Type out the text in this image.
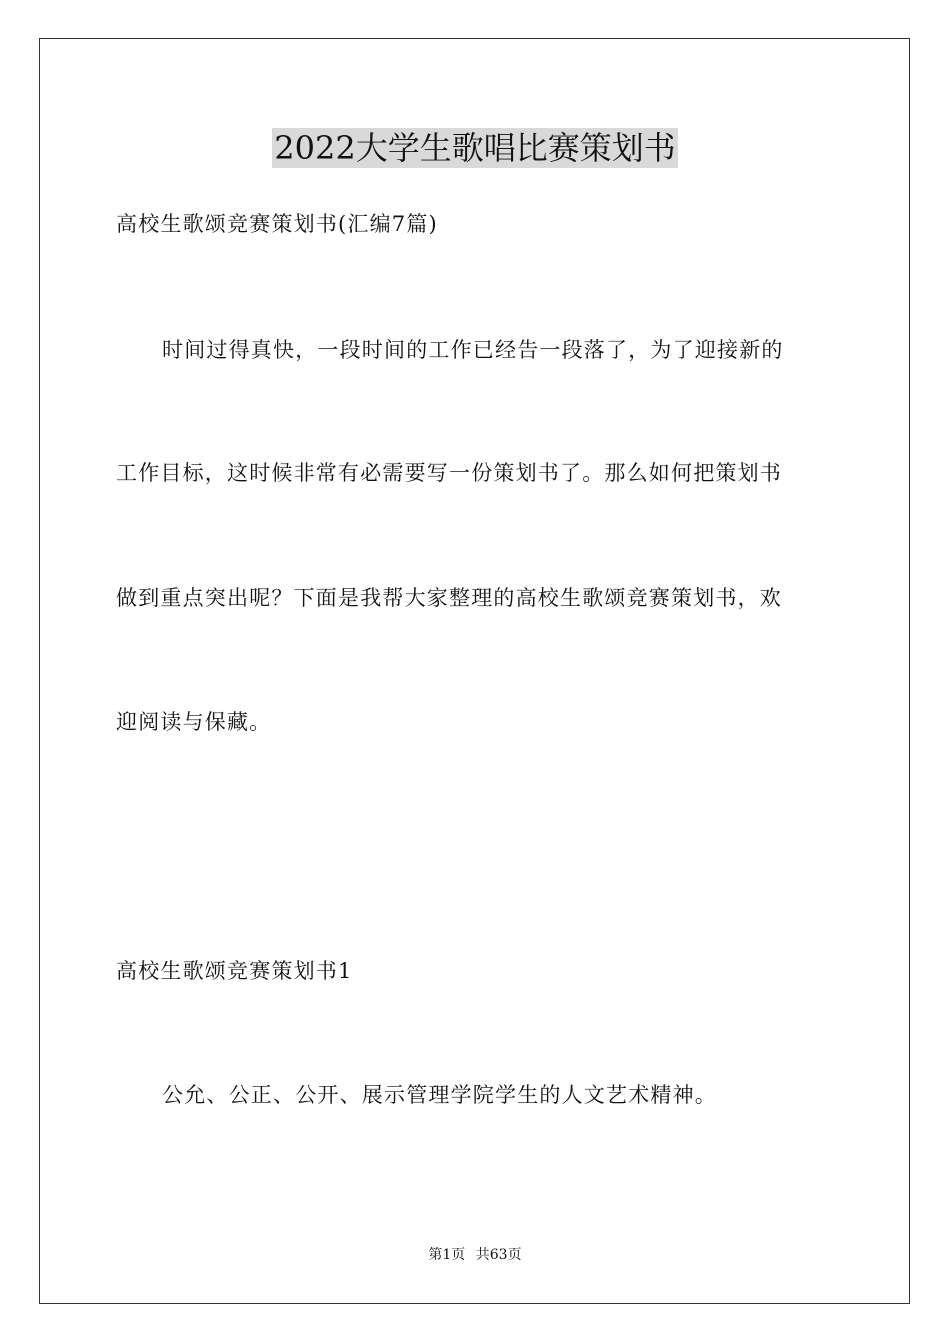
2022大学生歌唱比赛策划书
高校生歌颂竞赛策划书(汇编7篇)
时间过得真快，一段时间的工作已经告一段落了，为了迎接新的
工作目标，这时候非常有必需要写一份策划书了。那么如何把策划书
做到重点突出呢？下面是我帮大家整理的高校生歌颂竞赛策划书，欢
迎阅读与保藏。
高校生歌颂竞赛策划书1
公允、公正、公开、展示管理学院学生的人文艺术精神。
第1页 共63页
